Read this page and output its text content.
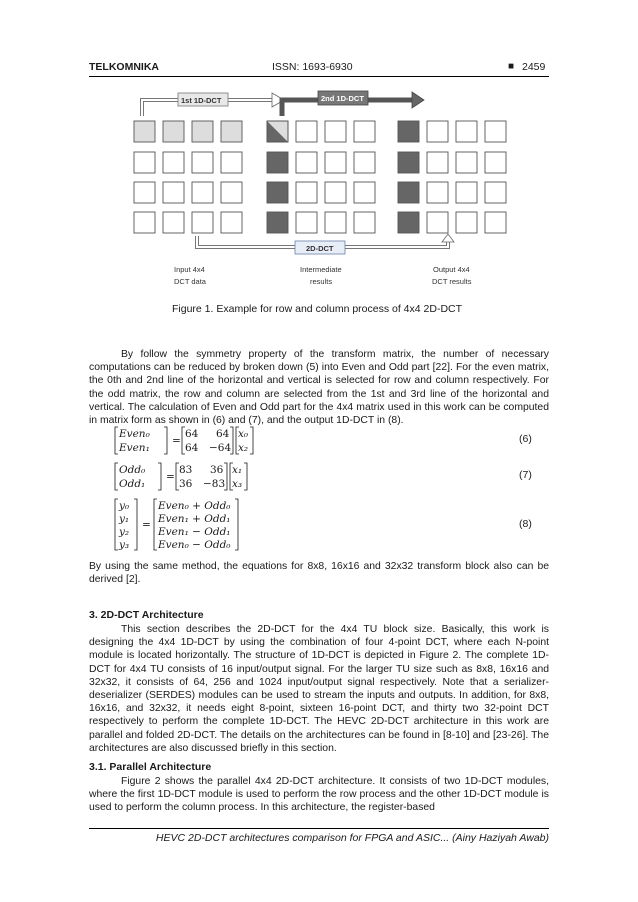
TELKOMNIKA	ISSN: 1693-6930	■ 2459
1st 1D-DCT	2nd 1D-DCT
2D-DCT
Input 4x4
DCT data
Intermediate
results
Output 4x4
DCT results
Figure 1. Example for row and column process of 4x4 2D-DCT

By follow the symmetry property of the transform matrix, the number of necessary computations can be reduced by broken down (5) into Even and Odd part [22]. For the even matrix, the 0th and 2nd line of the horizontal and vertical is selected for row and column respectively. For the odd matrix, the row and column are selected from the 1st and 3rd line of the horizontal and vertical. The calculation of Even and Odd part for the 4x4 matrix used in this work can be computed in matrix form as shown in (6) and (7), and the output 1D-DCT in (8).

Even₀
Even₁
=
64 64
64 −64
x₀
x₂
(6)
Odd₀
Odd₁
=
83 36
36 −83
x₁
x₃
(7)
y₀
y₁
y₂
y₃
=
Even₀ + Odd₀
Even₁ + Odd₁
Even₁ − Odd₁
Even₀ − Odd₀
(8)

By using the same method, the equations for 8x8, 16x16 and 32x32 transform block also can be derived [2].

3. 2D-DCT Architecture

This section describes the 2D-DCT for the 4x4 TU block size. Basically, this work is designing the 4x4 1D-DCT by using the combination of four 4-point DCT, where each N-point module is located horizontally. The structure of 1D-DCT is depicted in Figure 2. The complete 1D-DCT for 4x4 TU consists of 16 input/output signal. For the larger TU size such as 8x8, 16x16 and 32x32, it consists of 64, 256 and 1024 input/output signal respectively. Note that a serializer-deserializer (SERDES) modules can be used to stream the inputs and outputs. In addition, for 8x8, 16x16, and 32x32, it needs eight 8-point, sixteen 16-point DCT, and thirty two 32-point DCT respectively to perform the complete 1D-DCT. The HEVC 2D-DCT architecture in this work are parallel and folded 2D-DCT. The details on the architectures can be found in [8-10] and [23-26]. The architectures are also discussed briefly in this section.

3.1. Parallel Architecture

Figure 2 shows the parallel 4x4 2D-DCT architecture. It consists of two 1D-DCT modules, where the first 1D-DCT module is used to perform the row process and the other 1D-DCT module is used to perform the column process. In this architecture, the register-based

HEVC 2D-DCT architectures comparison for FPGA and ASIC... (Ainy Haziyah Awab)
